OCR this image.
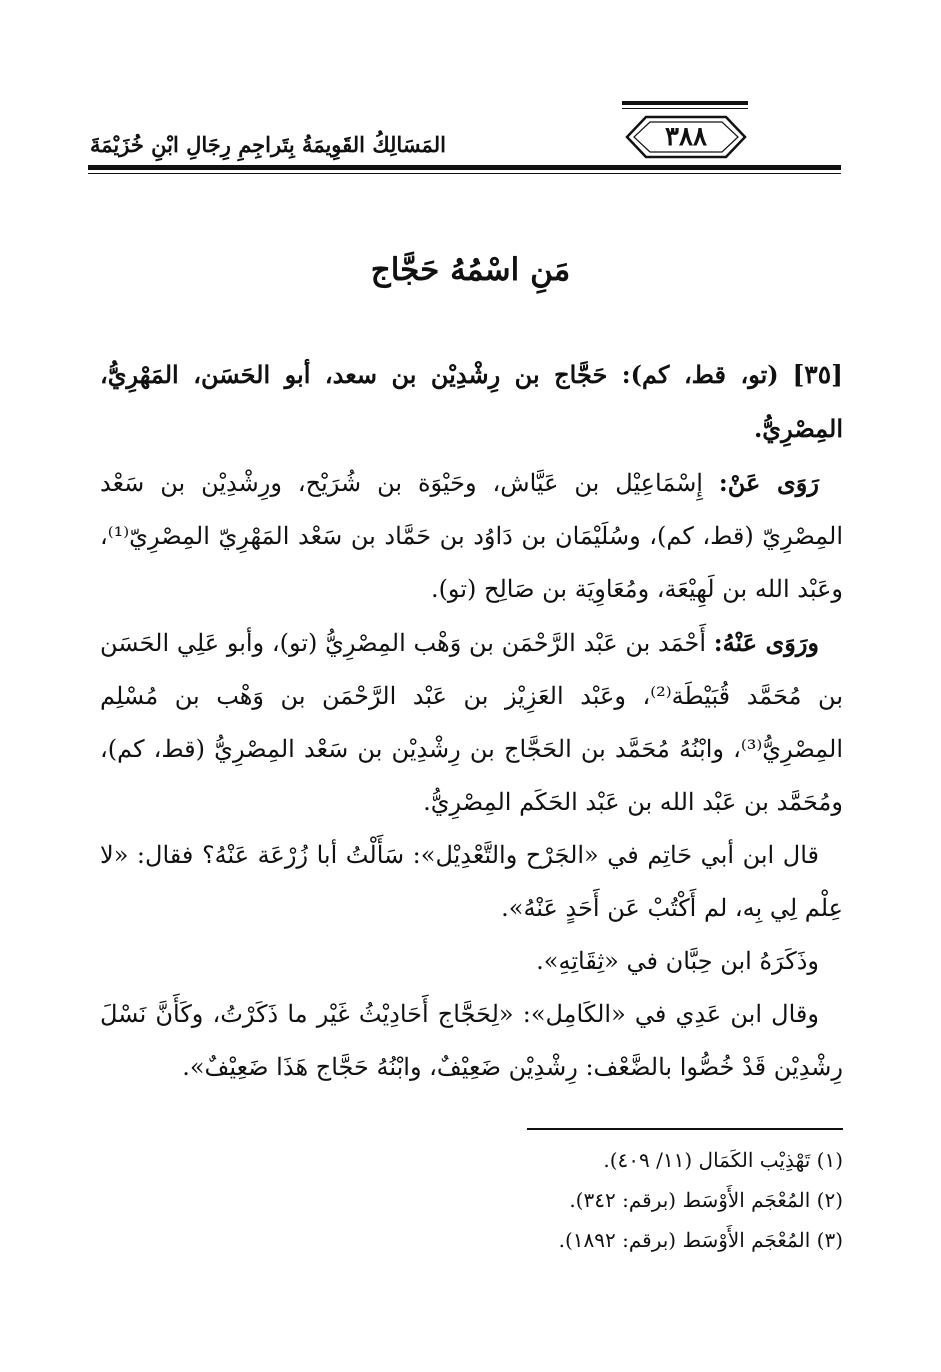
٣٨٨
المَسَالِكُ القَوِيمَةُ بِتَراجِمِ رِجَالِ ابْنِ خُزَيْمَةَ
مَنِ اسْمُهُ حَجَّاج

[٣٥] (تو، قط، كم): حَجَّاج بن رِشْدِيْن بن سعد، أبو الحَسَن، المَهْرِيُّ، المِصْرِيُّ.

رَوَى عَنْ: إِسْمَاعِيْل بن عَيَّاش، وحَيْوَة بن شُرَيْح، ورِشْدِيْن بن سَعْد المِصْرِيّ (قط، كم)، وسُلَيْمَان بن دَاوُد بن حَمَّاد بن سَعْد المَهْرِيّ المِصْرِيّ⁽¹⁾، وعَبْد الله بن لَهِيْعَة، ومُعَاوِيَة بن صَالِح (تو).

ورَوَى عَنْهُ: أَحْمَد بن عَبْد الرَّحْمَن بن وَهْب المِصْرِيُّ (تو)، وأبو عَلِي الحَسَن بن مُحَمَّد قُبَيْطَة⁽²⁾، وعَبْد العَزِيْز بن عَبْد الرَّحْمَن بن وَهْب بن مُسْلِم المِصْرِيُّ⁽³⁾، وابْنُهُ مُحَمَّد بن الحَجَّاج بن رِشْدِيْن بن سَعْد المِصْرِيُّ (قط، كم)، ومُحَمَّد بن عَبْد الله بن عَبْد الحَكَم المِصْرِيُّ.

قال ابن أبي حَاتِم في «الجَرْح والتَّعْدِيْل»: سَأَلْتُ أبا زُرْعَة عَنْهُ؟ فقال: «لا عِلْم لِي بِه، لم أَكْتُبْ عَن أَحَدٍ عَنْهُ».

وذَكَرَهُ ابن حِبَّان في «ثِقَاتِهِ».

وقال ابن عَدِي في «الكَامِل»: «لِحَجَّاج أَحَادِيْثُ غَيْر ما ذَكَرْتُ، وكَأَنَّ نَسْلَ رِشْدِيْن قَدْ خُصُّوا بالضَّعْف: رِشْدِيْن ضَعِيْفٌ، وابْنُهُ حَجَّاج هَذَا ضَعِيْفٌ».

(١) تَهْذِيْب الكَمَال (١١/ ٤٠٩).

(٢) المُعْجَم الأَوْسَط (برقم: ٣٤٢).

(٣) المُعْجَم الأَوْسَط (برقم: ١٨٩٢).
